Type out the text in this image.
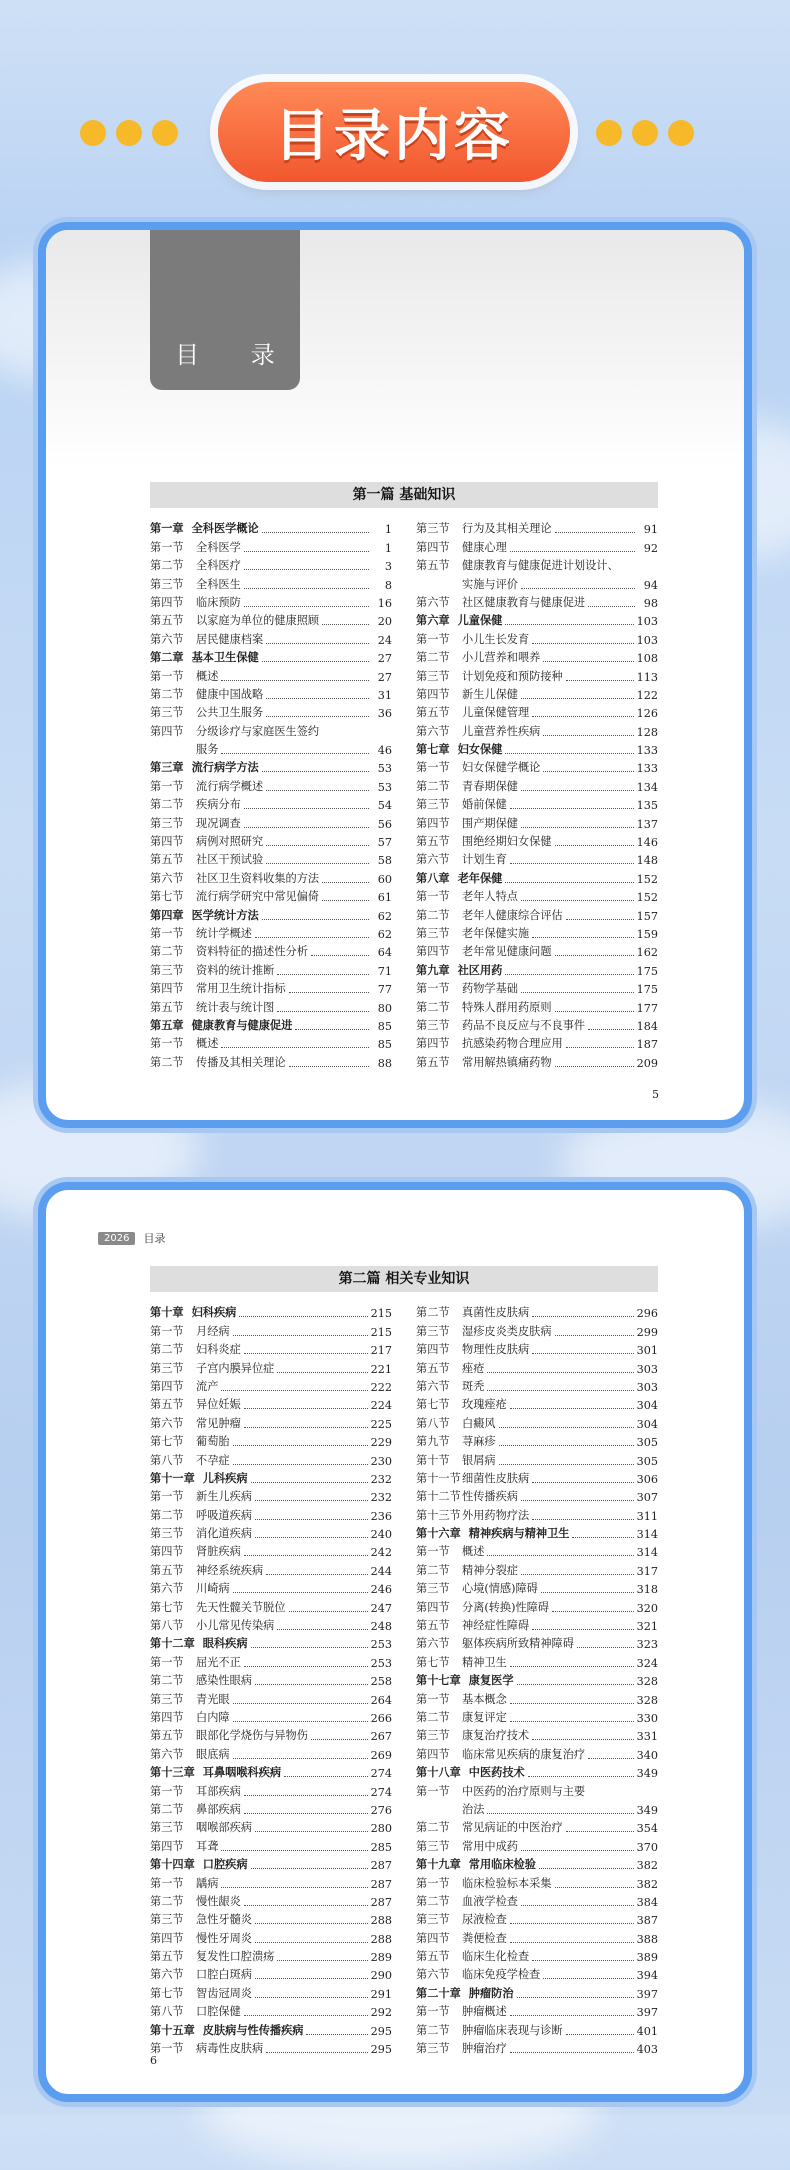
目录内容
目 录
第一篇 基础知识
第一章 全科医学概论	1
第一节	全科医学	1
第二节	全科医疗	3
第三节	全科医生	8
第四节	临床预防	16
第五节	以家庭为单位的健康照顾	20
第六节	居民健康档案	24
第二章 基本卫生保健	27
第一节	概述	27
第二节	健康中国战略	31
第三节	公共卫生服务	36
第四节	分级诊疗与家庭医生签约
服务	46
第三章 流行病学方法	53
第一节	流行病学概述	53
第二节	疾病分布	54
第三节	现况调查	56
第四节	病例对照研究	57
第五节	社区干预试验	58
第六节	社区卫生资料收集的方法	60
第七节	流行病学研究中常见偏倚	61
第四章 医学统计方法	62
第一节	统计学概述	62
第二节	资料特征的描述性分析	64
第三节	资料的统计推断	71
第四节	常用卫生统计指标	77
第五节	统计表与统计图	80
第五章 健康教育与健康促进	85
第一节	概述	85
第二节	传播及其相关理论	88
第三节	行为及其相关理论	91
第四节	健康心理	92
第五节	健康教育与健康促进计划设计、
实施与评价	94
第六节	社区健康教育与健康促进	98
第六章 儿童保健	103
第一节	小儿生长发育	103
第二节	小儿营养和喂养	108
第三节	计划免疫和预防接种	113
第四节	新生儿保健	122
第五节	儿童保健管理	126
第六节	儿童营养性疾病	128
第七章 妇女保健	133
第一节	妇女保健学概论	133
第二节	青春期保健	134
第三节	婚前保健	135
第四节	围产期保健	137
第五节	围绝经期妇女保健	146
第六节	计划生育	148
第八章 老年保健	152
第一节	老年人特点	152
第二节	老年人健康综合评估	157
第三节	老年保健实施	159
第四节	老年常见健康问题	162
第九章 社区用药	175
第一节	药物学基础	175
第二节	特殊人群用药原则	177
第三节	药品不良反应与不良事件	184
第四节	抗感染药物合理应用	187
第五节	常用解热镇痛药物	209
5
2026	目录
第二篇 相关专业知识
第十章 妇科疾病	215
第一节	月经病	215
第二节	妇科炎症	217
第三节	子宫内膜异位症	221
第四节	流产	222
第五节	异位妊娠	224
第六节	常见肿瘤	225
第七节	葡萄胎	229
第八节	不孕症	230
第十一章 儿科疾病	232
第一节	新生儿疾病	232
第二节	呼吸道疾病	236
第三节	消化道疾病	240
第四节	肾脏疾病	242
第五节	神经系统疾病	244
第六节	川崎病	246
第七节	先天性髋关节脱位	247
第八节	小儿常见传染病	248
第十二章 眼科疾病	253
第一节	屈光不正	253
第二节	感染性眼病	258
第三节	青光眼	264
第四节	白内障	266
第五节	眼部化学烧伤与异物伤	267
第六节	眼底病	269
第十三章 耳鼻咽喉科疾病	274
第一节	耳部疾病	274
第二节	鼻部疾病	276
第三节	咽喉部疾病	280
第四节	耳聋	285
第十四章 口腔疾病	287
第一节	龋病	287
第二节	慢性龈炎	287
第三节	急性牙髓炎	288
第四节	慢性牙周炎	288
第五节	复发性口腔溃疡	289
第六节	口腔白斑病	290
第七节	智齿冠周炎	291
第八节	口腔保健	292
第十五章 皮肤病与性传播疾病	295
第一节	病毒性皮肤病	295
第二节	真菌性皮肤病	296
第三节	湿疹皮炎类皮肤病	299
第四节	物理性皮肤病	301
第五节	痤疮	303
第六节	斑秃	303
第七节	玫瑰痤疮	304
第八节	白癜风	304
第九节	荨麻疹	305
第十节	银屑病	305
第十一节 细菌性皮肤病	306
第十二节 性传播疾病	307
第十三节 外用药物疗法	311
第十六章 精神疾病与精神卫生	314
第一节	概述	314
第二节	精神分裂症	317
第三节	心境(情感)障碍	318
第四节	分离(转换)性障碍	320
第五节	神经症性障碍	321
第六节	躯体疾病所致精神障碍	323
第七节	精神卫生	324
第十七章 康复医学	328
第一节	基本概念	328
第二节	康复评定	330
第三节	康复治疗技术	331
第四节	临床常见疾病的康复治疗	340
第十八章 中医药技术	349
第一节	中医药的治疗原则与主要
治法	349
第二节	常见病证的中医治疗	354
第三节	常用中成药	370
第十九章 常用临床检验	382
第一节	临床检验标本采集	382
第二节	血液学检查	384
第三节	尿液检查	387
第四节	粪便检查	388
第五节	临床生化检查	389
第六节	临床免疫学检查	394
第二十章 肿瘤防治	397
第一节	肿瘤概述	397
第二节	肿瘤临床表现与诊断	401
第三节	肿瘤治疗	403
6
